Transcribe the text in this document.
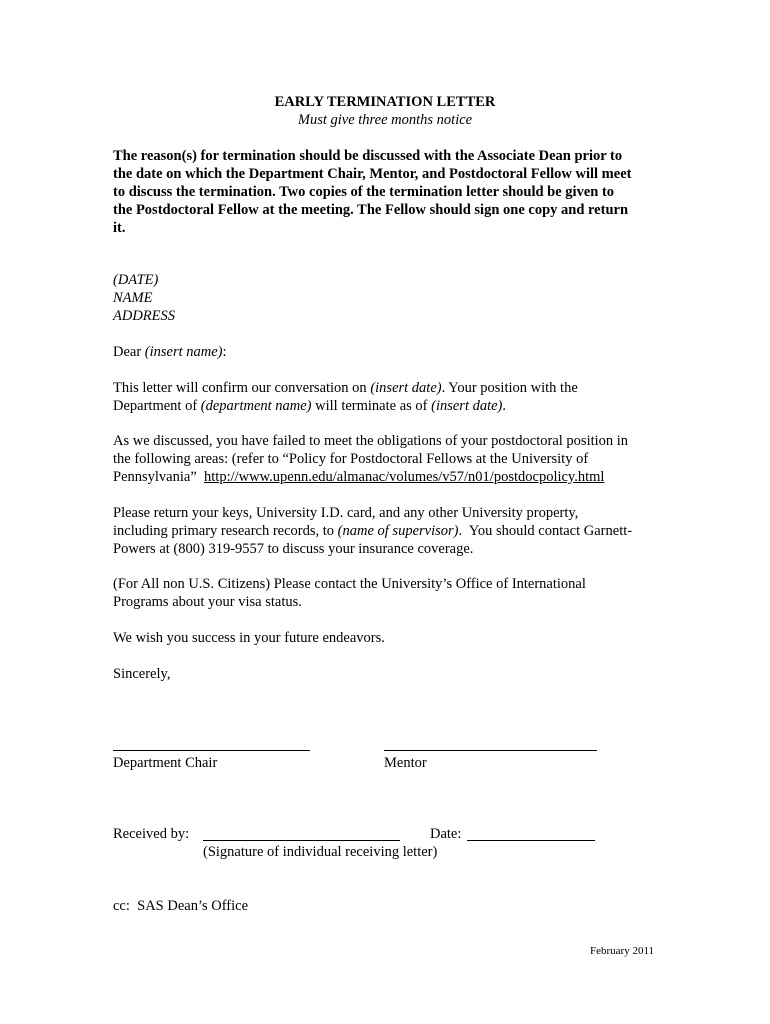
EARLY TERMINATION LETTER
Must give three months notice
The reason(s) for termination should be discussed with the Associate Dean prior to
the date on which the Department Chair, Mentor, and Postdoctoral Fellow will meet
to discuss the termination. Two copies of the termination letter should be given to
the Postdoctoral Fellow at the meeting. The Fellow should sign one copy and return
it.
(DATE)
NAME
ADDRESS
Dear (insert name):
This letter will confirm our conversation on (insert date). Your position with the
Department of (department name) will terminate as of (insert date).
As we discussed, you have failed to meet the obligations of your postdoctoral position in
the following areas: (refer to “Policy for Postdoctoral Fellows at the University of
Pennsylvania”  http://www.upenn.edu/almanac/volumes/v57/n01/postdocpolicy.html
Please return your keys, University I.D. card, and any other University property,
including primary research records, to (name of supervisor).  You should contact Garnett-
Powers at (800) 319-9557 to discuss your insurance coverage.
(For All non U.S. Citizens) Please contact the University’s Office of International
Programs about your visa status.
We wish you success in your future endeavors.
Sincerely,
Department Chair	Mentor
Received by:	Date:
(Signature of individual receiving letter)
cc:  SAS Dean’s Office
February 2011
